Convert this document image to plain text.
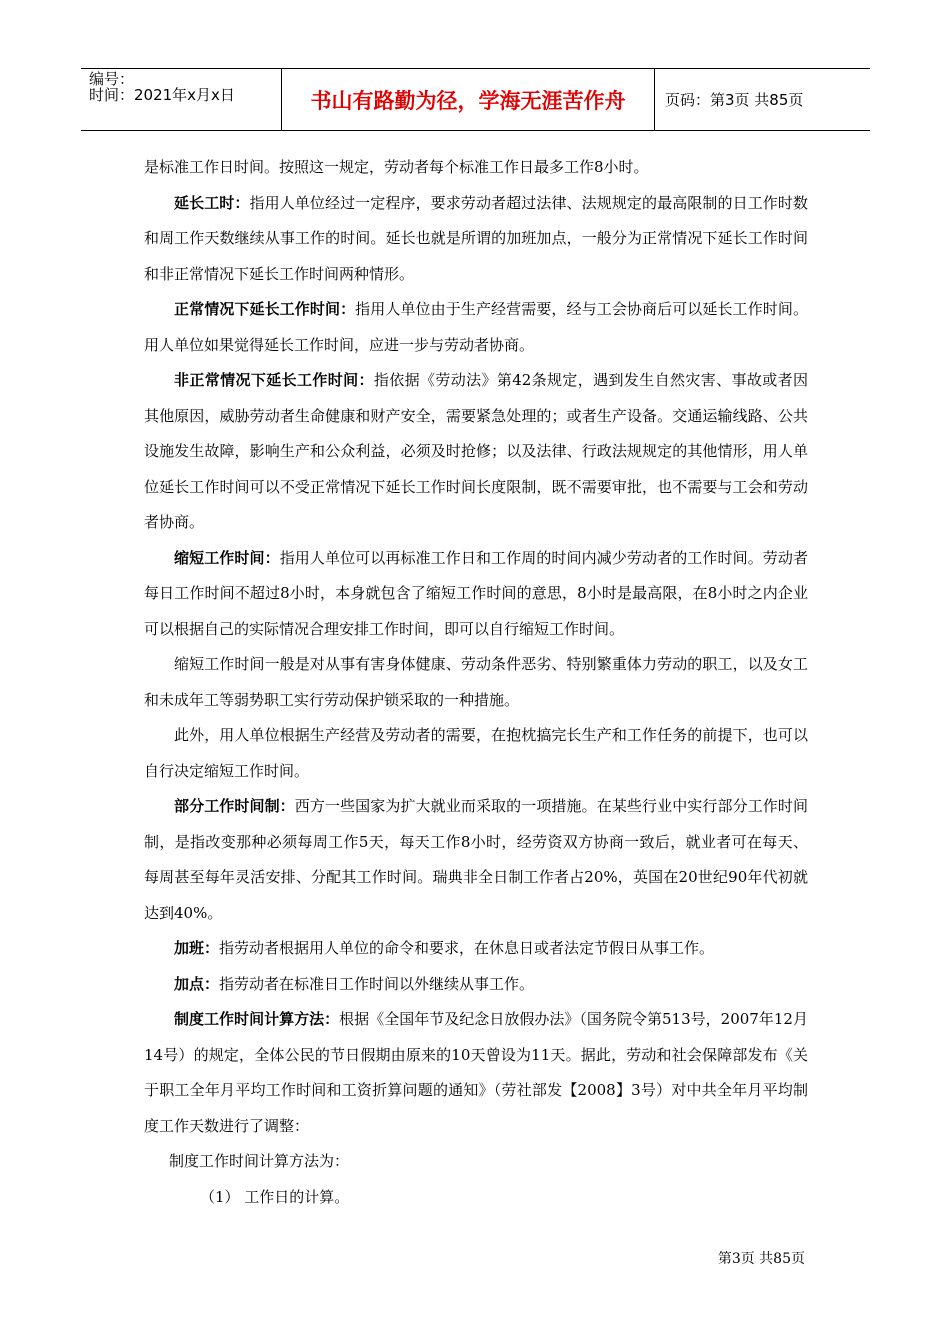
编号：
时间：2021年x月x日	书山有路勤为径，学海无涯苦作舟	页码：第3页 共85页

是标准工作日时间。按照这一规定，劳动者每个标准工作日最多工作8小时。

延长工时：指用人单位经过一定程序，要求劳动者超过法律、法规规定的最高限制的日工作时数和周工作天数继续从事工作的时间。延长也就是所谓的加班加点，一般分为正常情况下延长工作时间和非正常情况下延长工作时间两种情形。

正常情况下延长工作时间：指用人单位由于生产经营需要，经与工会协商后可以延长工作时间。用人单位如果觉得延长工作时间，应进一步与劳动者协商。

非正常情况下延长工作时间：指依据《劳动法》第42条规定，遇到发生自然灾害、事故或者因其他原因，威胁劳动者生命健康和财产安全，需要紧急处理的；或者生产设备。交通运输线路、公共设施发生故障，影响生产和公众利益，必须及时抢修；以及法律、行政法规规定的其他情形，用人单位延长工作时间可以不受正常情况下延长工作时间长度限制，既不需要审批，也不需要与工会和劳动者协商。

缩短工作时间：指用人单位可以再标准工作日和工作周的时间内减少劳动者的工作时间。劳动者每日工作时间不超过8小时，本身就包含了缩短工作时间的意思，8小时是最高限，在8小时之内企业可以根据自己的实际情况合理安排工作时间，即可以自行缩短工作时间。

缩短工作时间一般是对从事有害身体健康、劳动条件恶劣、特别繁重体力劳动的职工，以及女工和未成年工等弱势职工实行劳动保护锁采取的一种措施。

此外，用人单位根据生产经营及劳动者的需要，在抱枕搞完长生产和工作任务的前提下，也可以自行决定缩短工作时间。

部分工作时间制：西方一些国家为扩大就业而采取的一项措施。在某些行业中实行部分工作时间制，是指改变那种必须每周工作5天，每天工作8小时，经劳资双方协商一致后，就业者可在每天、每周甚至每年灵活安排、分配其工作时间。瑞典非全日制工作者占20%，英国在20世纪90年代初就达到40%。

加班：指劳动者根据用人单位的命令和要求，在休息日或者法定节假日从事工作。

加点：指劳动者在标准日工作时间以外继续从事工作。

制度工作时间计算方法：根据《全国年节及纪念日放假办法》（国务院令第513号，2007年12月14号）的规定，全体公民的节日假期由原来的10天曾设为11天。据此，劳动和社会保障部发布《关于职工全年月平均工作时间和工资折算问题的通知》（劳社部发【2008】3号）对中共全年月平均制度工作天数进行了调整：

制度工作时间计算方法为：

（1） 工作日的计算。

第3页 共85页
